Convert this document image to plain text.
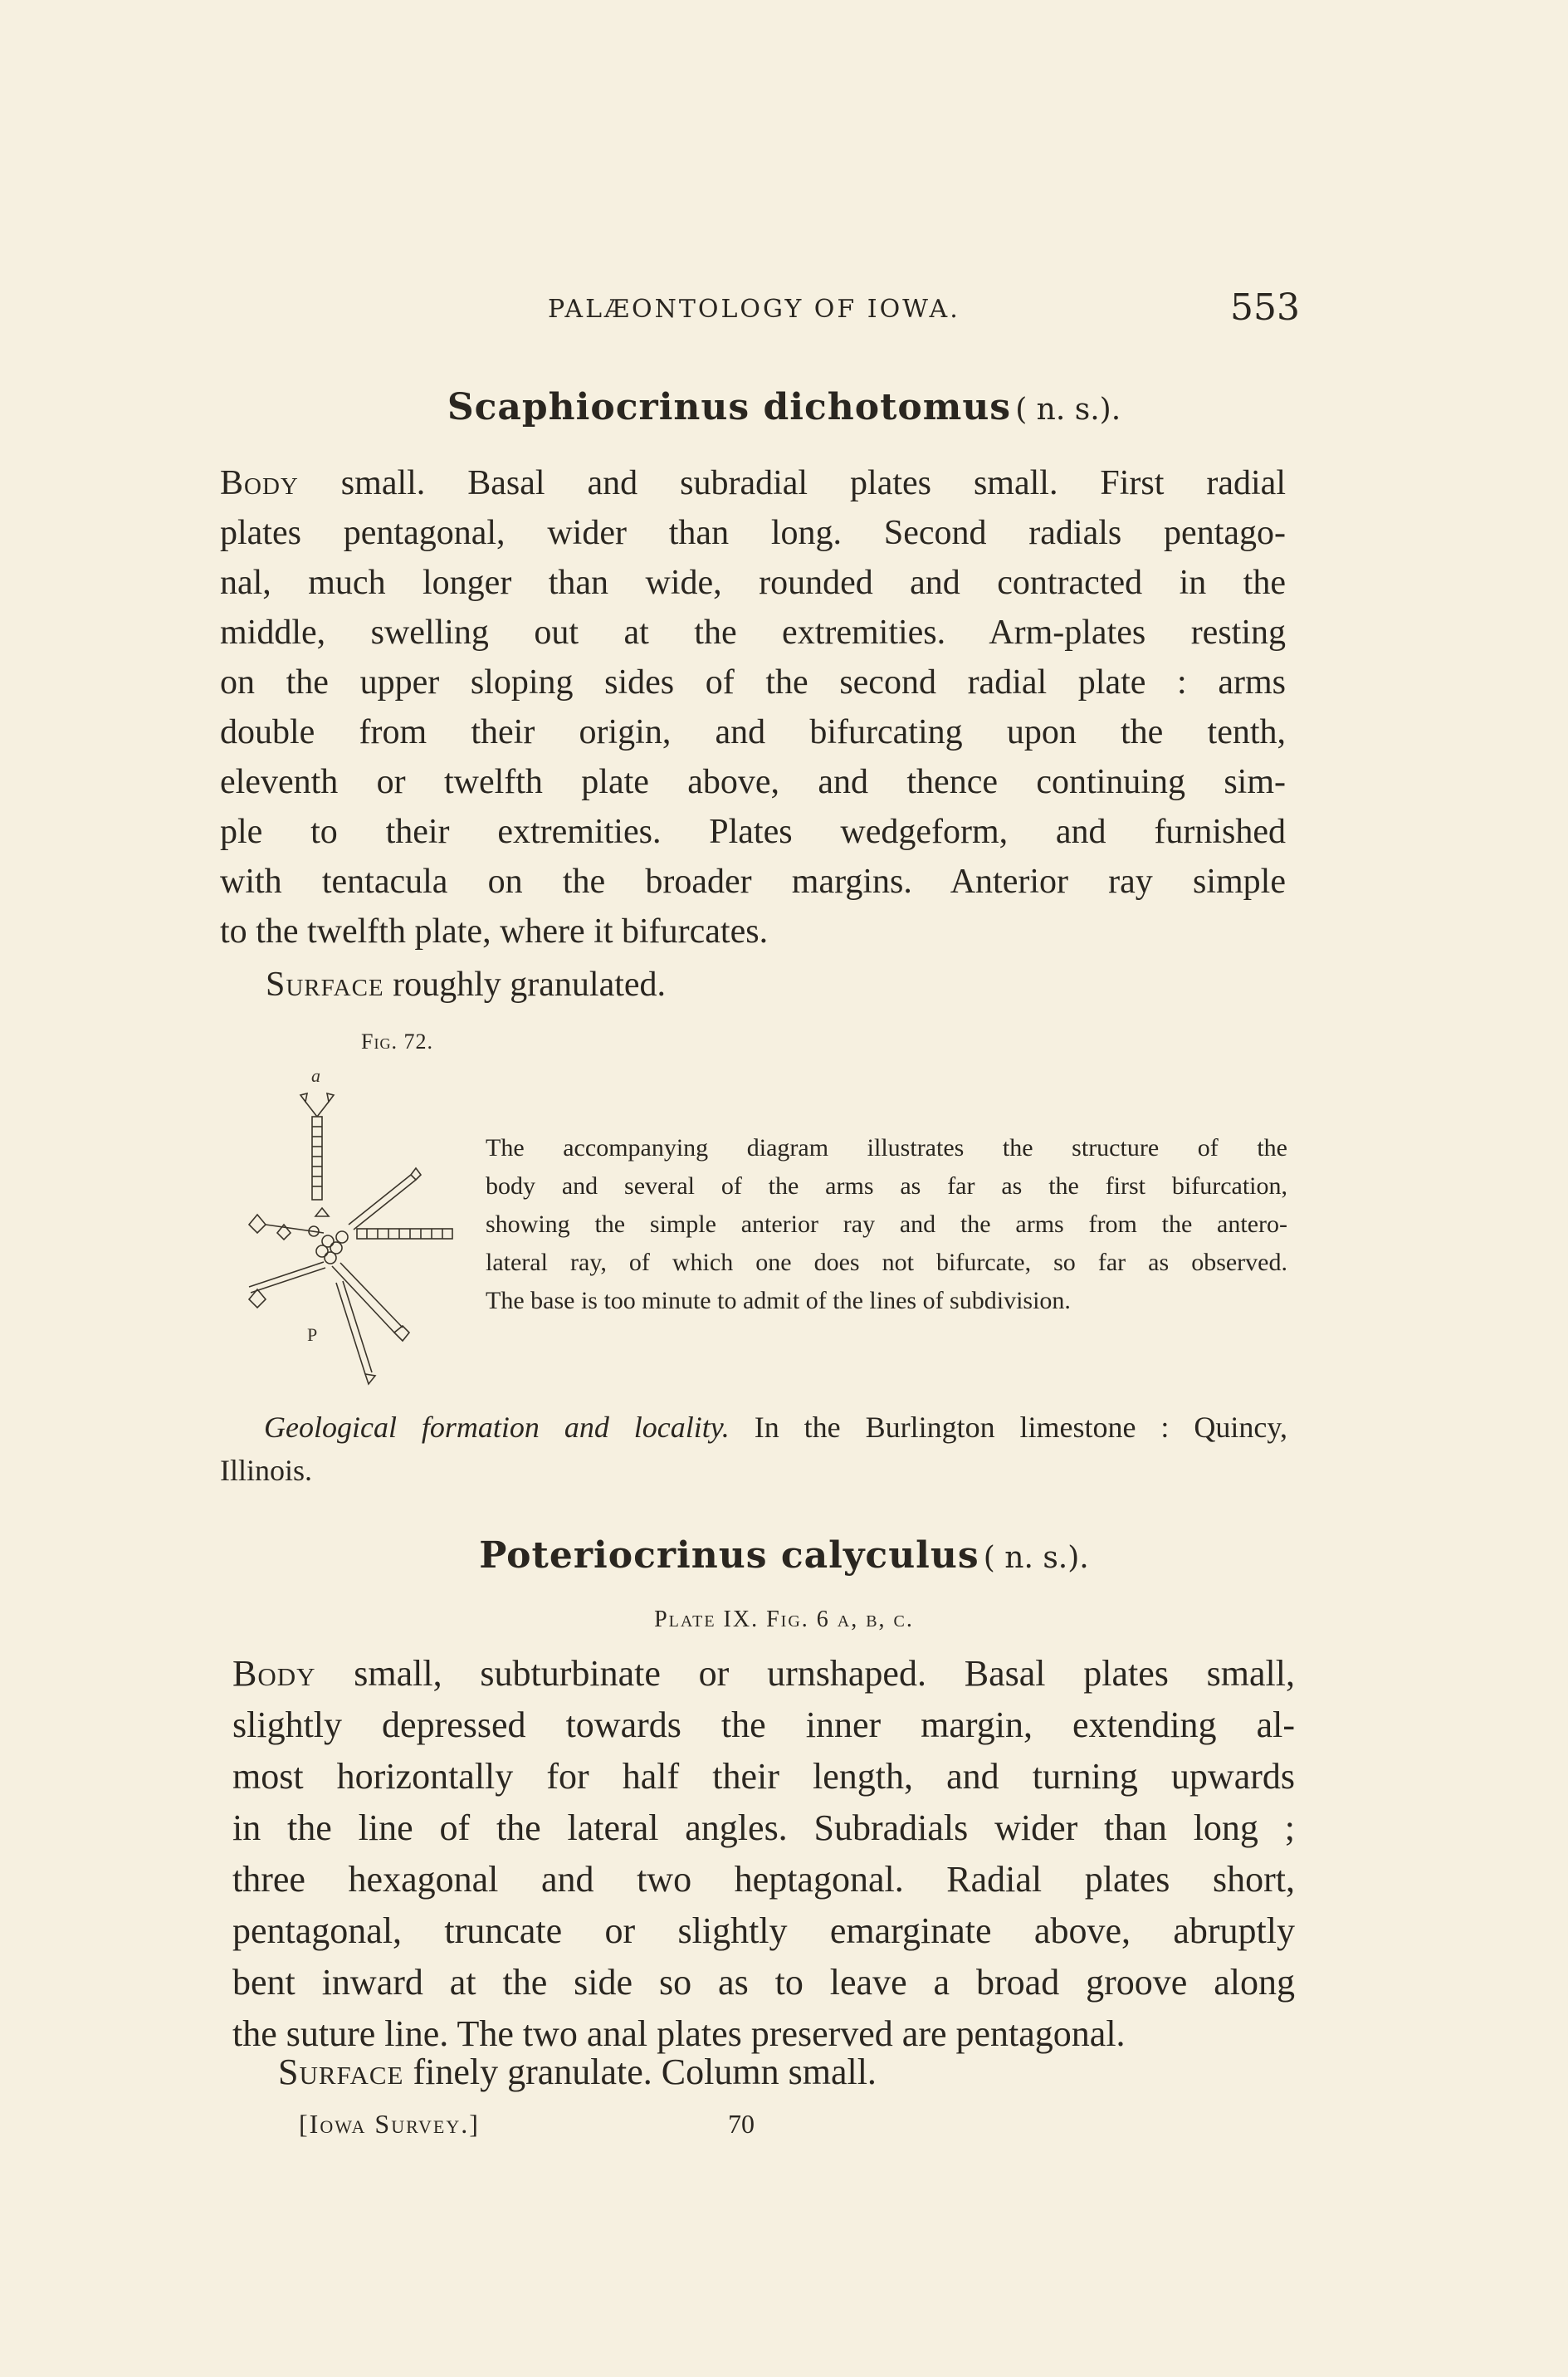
PALÆONTOLOGY OF IOWA.	553
Scaphiocrinus dichotomus ( n. s.).
Body small. Basal and subradial plates small. First radial
plates pentagonal, wider than long. Second radials pentago-
nal, much longer than wide, rounded and contracted in the
middle, swelling out at the extremities. Arm-plates resting
on the upper sloping sides of the second radial plate : arms
double from their origin, and bifurcating upon the tenth,
eleventh or twelfth plate above, and thence continuing sim-
ple to their extremities. Plates wedgeform, and furnished
with tentacula on the broader margins. Anterior ray simple
to the twelfth plate, where it bifurcates.
Surface roughly granulated.
Fig. 72.
a
P
The accompanying diagram illustrates the structure of the
body and several of the arms as far as the first bifurcation,
showing the simple anterior ray and the arms from the antero-
lateral ray, of which one does not bifurcate, so far as observed.
The base is too minute to admit of the lines of subdivision.
Geological formation and locality. In the Burlington limestone : Quincy,
Illinois.
Poteriocrinus calyculus ( n. s.).
Plate IX. Fig. 6 a, b, c.
Body small, subturbinate or urnshaped. Basal plates small,
slightly depressed towards the inner margin, extending al-
most horizontally for half their length, and turning upwards
in the line of the lateral angles. Subradials wider than long ;
three hexagonal and two heptagonal. Radial plates short,
pentagonal, truncate or slightly emarginate above, abruptly
bent inward at the side so as to leave a broad groove along
the suture line. The two anal plates preserved are pentagonal.
Surface finely granulate. Column small.
[Iowa Survey.]	70
